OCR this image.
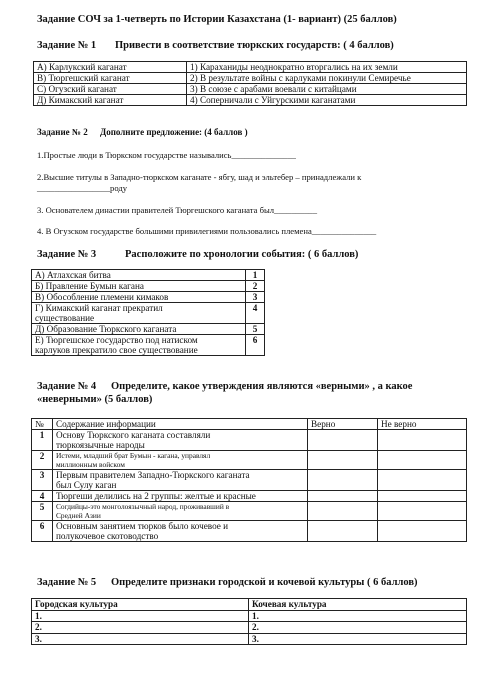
Задание СОЧ за 1-четверть по Истории Казахстана (1- вариант) (25 баллов)
Задание № 1 Привести в соответствие тюркских государств: ( 4 баллов)
А) Карлукский каганат	1) Караханиды неоднократно вторгались на их земли
В) Тюргешский каганат	2) В результате войны с карлуками покинули Семиречье
С) Огузский каганат	3) В союзе с арабами воевали с китайцами
Д) Кимакский каганат	4) Соперничали с Уйгурскими каганатами
Задание № 2 Дополните предложение: (4 баллов )
1.Простые люди в Тюркском государстве назывались_______________
2.Высшие титулы в Западно-тюркском каганате - ябгу, шад и эльтебер – принадлежали к
_________________роду
3. Основателем династии правителей Тюргешского каганата был__________
4. В Огузском государстве большими привилегиями пользовались племена_______________
Задание № 3	Расположите по хронологии события: ( 6 баллов)
А) Атлахская битва	1
Б) Правление Бумын кагана	2
В) Обособление племени кимаков	3
Г) Кимакский каганат прекратил
существование	4
Д) Образование Тюркского каганата	5
Е) Тюргешское государство под натиском
карлуков прекратило свое существование	6
Задание № 4 Определите, какое утверждения являются «верными» , а какое
«неверными» (5 баллов)
№	Содержание информации	Верно	Не верно
1	Основу Тюркского каганата составляли
тюркоязычные народы		
2	Истеми, младший брат Бумын - кагана, управлял
миллионным войском		
3	Первым правителем Западно-Тюркского каганата
был Сулу каган		
4	Тюргеши делились на 2 группы: желтые и красные		
5	Согдийцы-это монголоязычный народ, проживавший в
Средней Азии		
6	Основным занятием тюрков было кочевое и
полукочевое скотоводство		
Задание № 5 Определите признаки городской и кочевой культуры ( 6 баллов)
Городская культура	Кочевая культура
1.	1.
2.	2.
3.	3.
